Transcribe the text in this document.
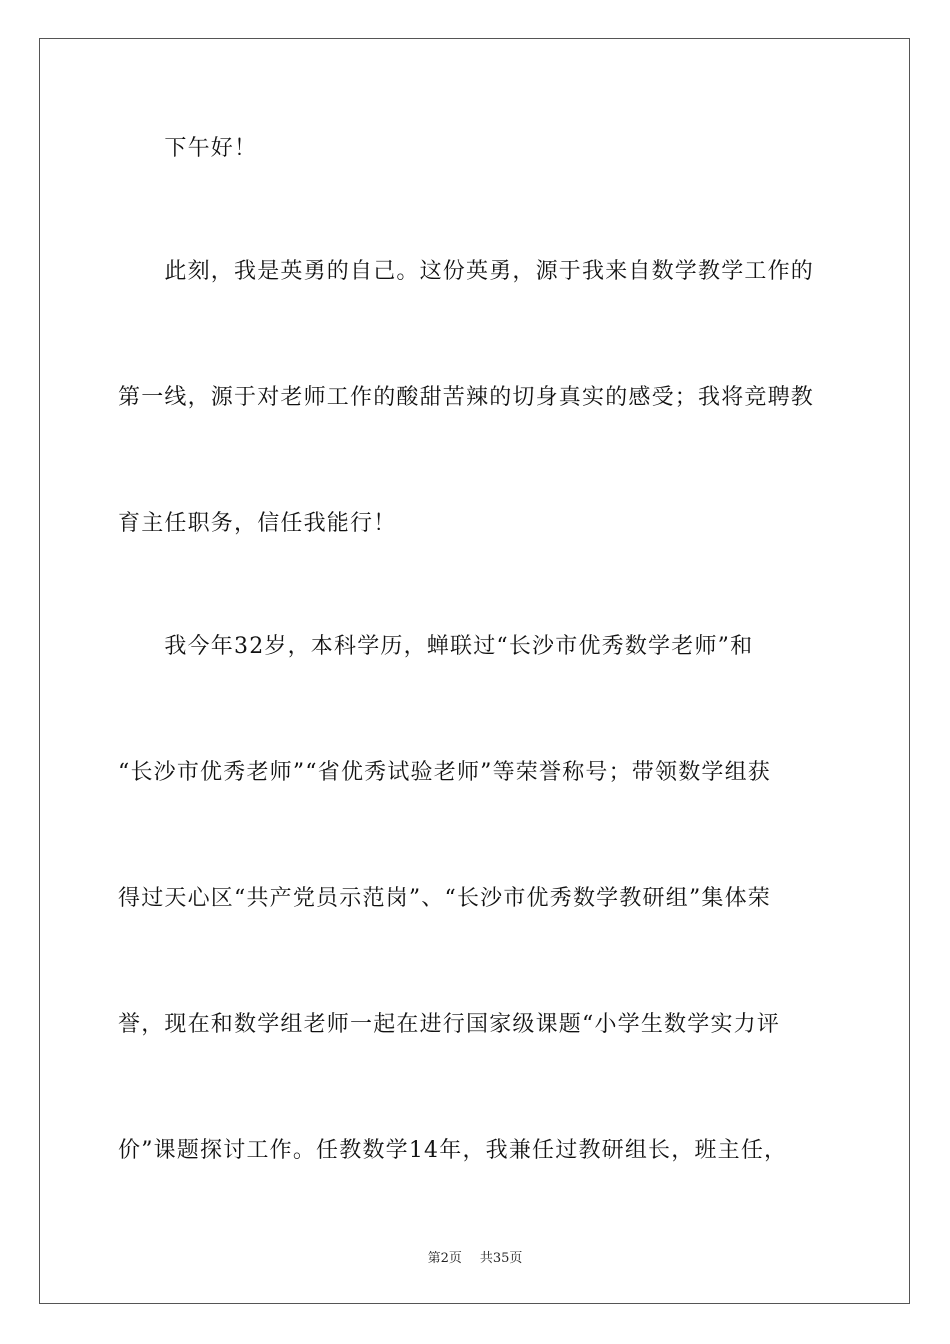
　　下午好！
　　此刻，我是英勇的自己。这份英勇，源于我来自数学教学工作的
第一线，源于对老师工作的酸甜苦辣的切身真实的感受；我将竞聘教
育主任职务，信任我能行！
　　我今年32岁，本科学历，蝉联过“长沙市优秀数学老师”和
“长沙市优秀老师”“省优秀试验老师”等荣誉称号；带领数学组获
得过天心区“共产党员示范岗”、“长沙市优秀数学教研组”集体荣
誉，现在和数学组老师一起在进行国家级课题“小学生数学实力评
价”课题探讨工作。任教数学14年，我兼任过教研组长，班主任，
第2页 共35页
